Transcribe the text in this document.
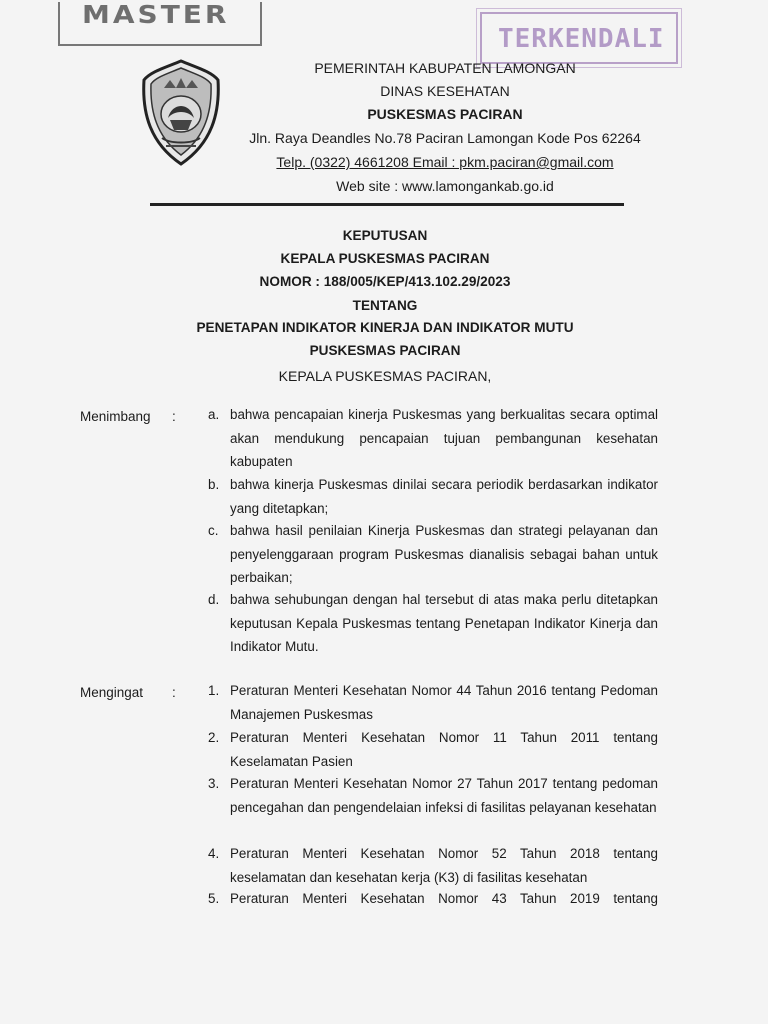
MASTER
TERKENDALI
PEMERINTAH KABUPATEN LAMONGAN
DINAS KESEHATAN
PUSKESMAS PACIRAN
Jln. Raya Deandles No.78 Paciran Lamongan Kode Pos 62264
Telp. (0322) 4661208 Email : pkm.paciran@gmail.com
Web site : www.lamongankab.go.id
KEPUTUSAN
KEPALA PUSKESMAS PACIRAN
NOMOR : 188/005/KEP/413.102.29/2023
TENTANG
PENETAPAN INDIKATOR KINERJA DAN INDIKATOR MUTU
PUSKESMAS PACIRAN
KEPALA PUSKESMAS PACIRAN,
Menimbang : a. bahwa pencapaian kinerja Puskesmas yang berkualitas secara optimal akan mendukung pencapaian tujuan pembangunan kesehatan kabupaten
b. bahwa kinerja Puskesmas dinilai secara periodik berdasarkan indikator yang ditetapkan;
c. bahwa hasil penilaian Kinerja Puskesmas dan strategi pelayanan dan penyelenggaraan program Puskesmas dianalisis sebagai bahan untuk perbaikan;
d. bahwa sehubungan dengan hal tersebut di atas maka perlu ditetapkan keputusan Kepala Puskesmas tentang Penetapan Indikator Kinerja dan Indikator Mutu.
Mengingat : 1. Peraturan Menteri Kesehatan Nomor 44 Tahun 2016 tentang Pedoman Manajemen Puskesmas
2. Peraturan Menteri Kesehatan Nomor 11 Tahun 2011 tentang Keselamatan Pasien
3. Peraturan Menteri Kesehatan Nomor 27 Tahun 2017 tentang pedoman pencegahan dan pengendelaian infeksi di fasilitas pelayanan kesehatan
4. Peraturan Menteri Kesehatan Nomor 52 Tahun 2018 tentang keselamatan dan kesehatan kerja (K3) di fasilitas kesehatan
5. Peraturan Menteri Kesehatan Nomor 43 Tahun 2019 tentang
